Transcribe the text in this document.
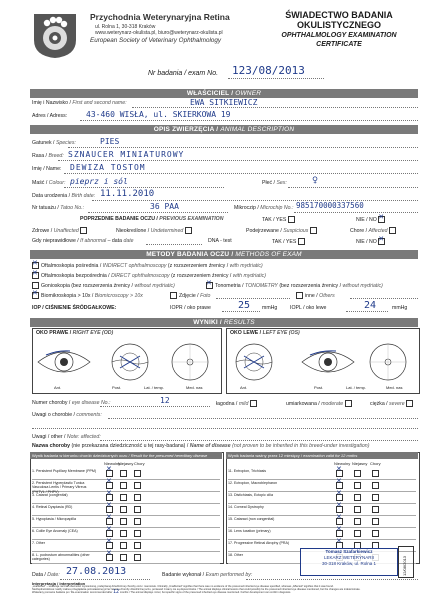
Przychodnia Weterynaryjna Retina
ul. Rolna 1, 30-318 Kraków
www.weterynarz-okulista.pl, biuro@weterynarz-okulista.pl
European Society of Veterinary Ophthalmology
ŚWIADECTWO BADANIA
OKULISTYCZNEGO
OPHTHALMOLOGY EXAMINATION
CERTIFICATE
Nr badania / exam No. 123/08/2013
WŁAŚCICIEL / OWNER
Imię i Nazwisko / First and second name:	EWA SITKIEWICZ
Adres / Adress: 43-460 WISŁA, ul. SKIERKOWA 19
OPIS ZWIERZĘCIA / ANIMAL DESCRIPTION
Gatunek / Species:	PIES
Rasa / Breed: SZNAUCER MINIATUROWY
Imię / Name: DEWIZA TOSTOM
Maść / Colour: pieprz i sól	Płeć / Sex:	♀
Data urodzenia / Birth date: 11.11.2010
Nr tatuażu / Tatoo No.:	36 PAA	Mikroczip / Microchip No.: 985170000337560
POPRZEDNIE BADANIE OCZU / PREVIOUS EXAMINATION	TAK / YES	NIE / NO ✕
Zdrowe / Unaffected	Nieokreślone / Undetermined	Podejrzewane / Suspicious	Chore / Affected
Gdy nieprawidłowe / If abnormal – data date	DNA - test	TAK / YES	NIE / NO ✕
METODY BADANIA OCZU / METHODS OF EXAM
✕Oftalmoskopia pośrednia / INDIRECT ophthalmoscopy (z rozszerzeniem źrenicy / with mydriatic)
✕Oftalmoskopia bezpośrednia / DIRECT ophthalmoscopy (z rozszerzeniem źrenicy / with mydriatic)
Gonioskopia (bez rozszerzenia źrenicy / without mydriatic)
✕	Tonometria / TONOMETRY (bez rozszerzenia źrenicy / without mydriatic)
✕Biomikroskopia > 10x / Biomicroscopy > 10x	Zdjęcie / Foto	inne / Others
IOP / CIŚNIENIE ŚRÓDGAŁKOWE:	IOPR / oko prawe	25 mmHg IOPL / oko lewe	24	mmHg
WYNIKI / RESULTS
OKO PRAWE / RIGHT EYE (OD)
Ant.	Post.	Lat. / temp.	Med. nas
OKO LEWE / LEFT EYE (OS)
Ant.	Post.	Lat. / temp.	Med. nas
Numer choroby / eye disease No.:	12	łagodna / mild	umiarkowana / moderate	ciężka / severe
Uwagi o chorobie / comments:
Uwagi / other / Note: affected:
Nazwa choroby (nie przekazana dziedziczność u tej rasy-badana) / Name of disease (not proven to be inherited in this breed-under investigation)
Wynik badania w kierunku chorób dziedzicznych oczu / Result for the presumed hereditary disease
Niewolny
Niejasny Chory
1. Persistent Pupillary Membrane (PPM)
✕
2. Persistent Hyperplastic Tunica Vasculosa Lentis / Primary Vitreus (PHTVL / PHPV)
✕
3. Catarat (congenital)
✕
4. Retinal Dysplasia (RD)
✕
5. Hypoplasia / Micropapilla
✕
6. Collie Eye Anomaly (CEA)
✕
7. Other
✕
8. L. podrostum abnormalities (other categories)
✕
Wynik badania ważny przez 12 miesięcy / examination valid for 12 mnths
Niewolny Niejasny Chory
11. Entropion, Trichiasis
✕
12. Ectropion, Macroblepharon
✕
13. Distichiasis, Ectopic cilia
✕
14. Corneal Dystrophy
✕
15. Cataract (non congenital)
✕
16. Lens luxation (primary)
✕
17. Progressive Retinal Atrophy (PRA)
✕
18. Other
✕
Tomasz Szafarkiewicz
LEKARZ WETERYNARII
30-318 Kraków, ul. Rolna 1	12/08/2013
Data / Date: 27.08.2013	Badanie wykonał / Exam performed by:
Interpretacja / interpretation
„unaffected” – wskazuje na brak obecności wymienionej, podejrzanej dziedzicznej choroby oczu i mamionek. Clinically „Unaffected” signifies that there was no evidence of the presumed inherited eye disease specified, whereas „Affected” signifies that it was found.
Niezbędne/Advices: każdy zakres przeglądania pozostawionej przez lekarza choroby dziedzicznej oczu, ponieważ zmiany nie są dopuszczalne / The animal displays clinical lesions that could possibly be the presumed inherited eye disease mentioned, but the changes are indeterminate.
Wskazany ponowne badanie po / Re-examination recommended after 12 months / The animal displays minor, but specific signs of the presumed inherited eye disease mentioned. Further development can confirm diagnosis.
